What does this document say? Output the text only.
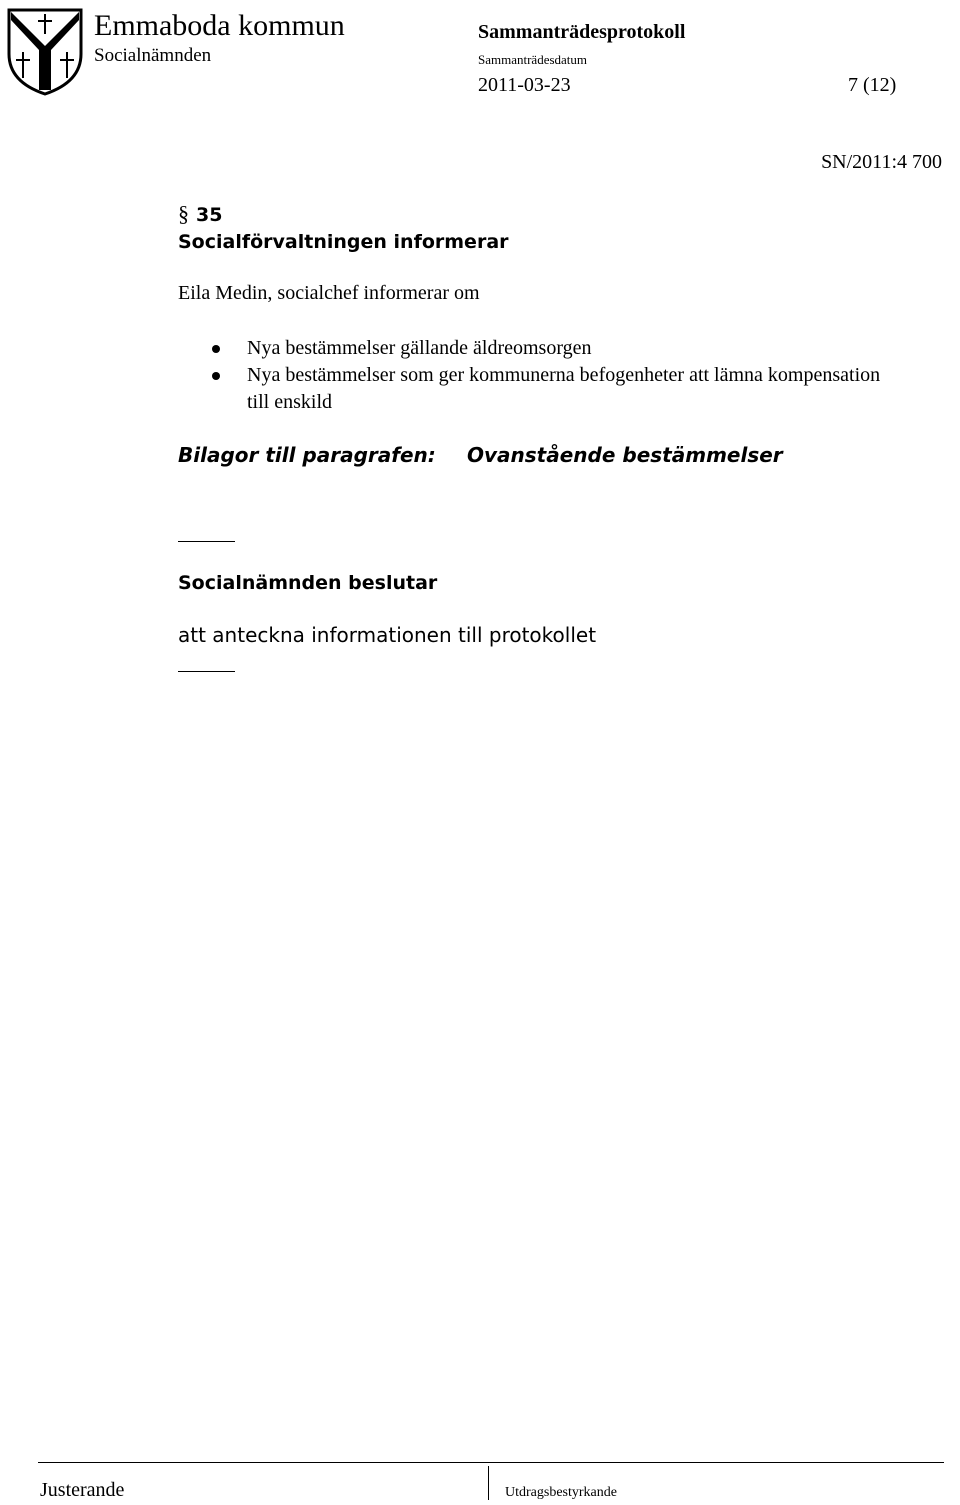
Emmaboda kommun
Socialnämnden
Sammanträdesprotokoll
Sammanträdesdatum
2011-03-23	7 (12)
SN/2011:4 700
§ 35
Socialförvaltningen informerar
Eila Medin, socialchef informerar om
Nya bestämmelser gällande äldreomsorgen
Nya bestämmelser som ger kommunerna befogenheter att lämna kompensation
till enskild
Bilagor till paragrafen: Ovanstående bestämmelser
Socialnämnden beslutar
att anteckna informationen till protokollet
Justerande	Utdragsbestyrkande
